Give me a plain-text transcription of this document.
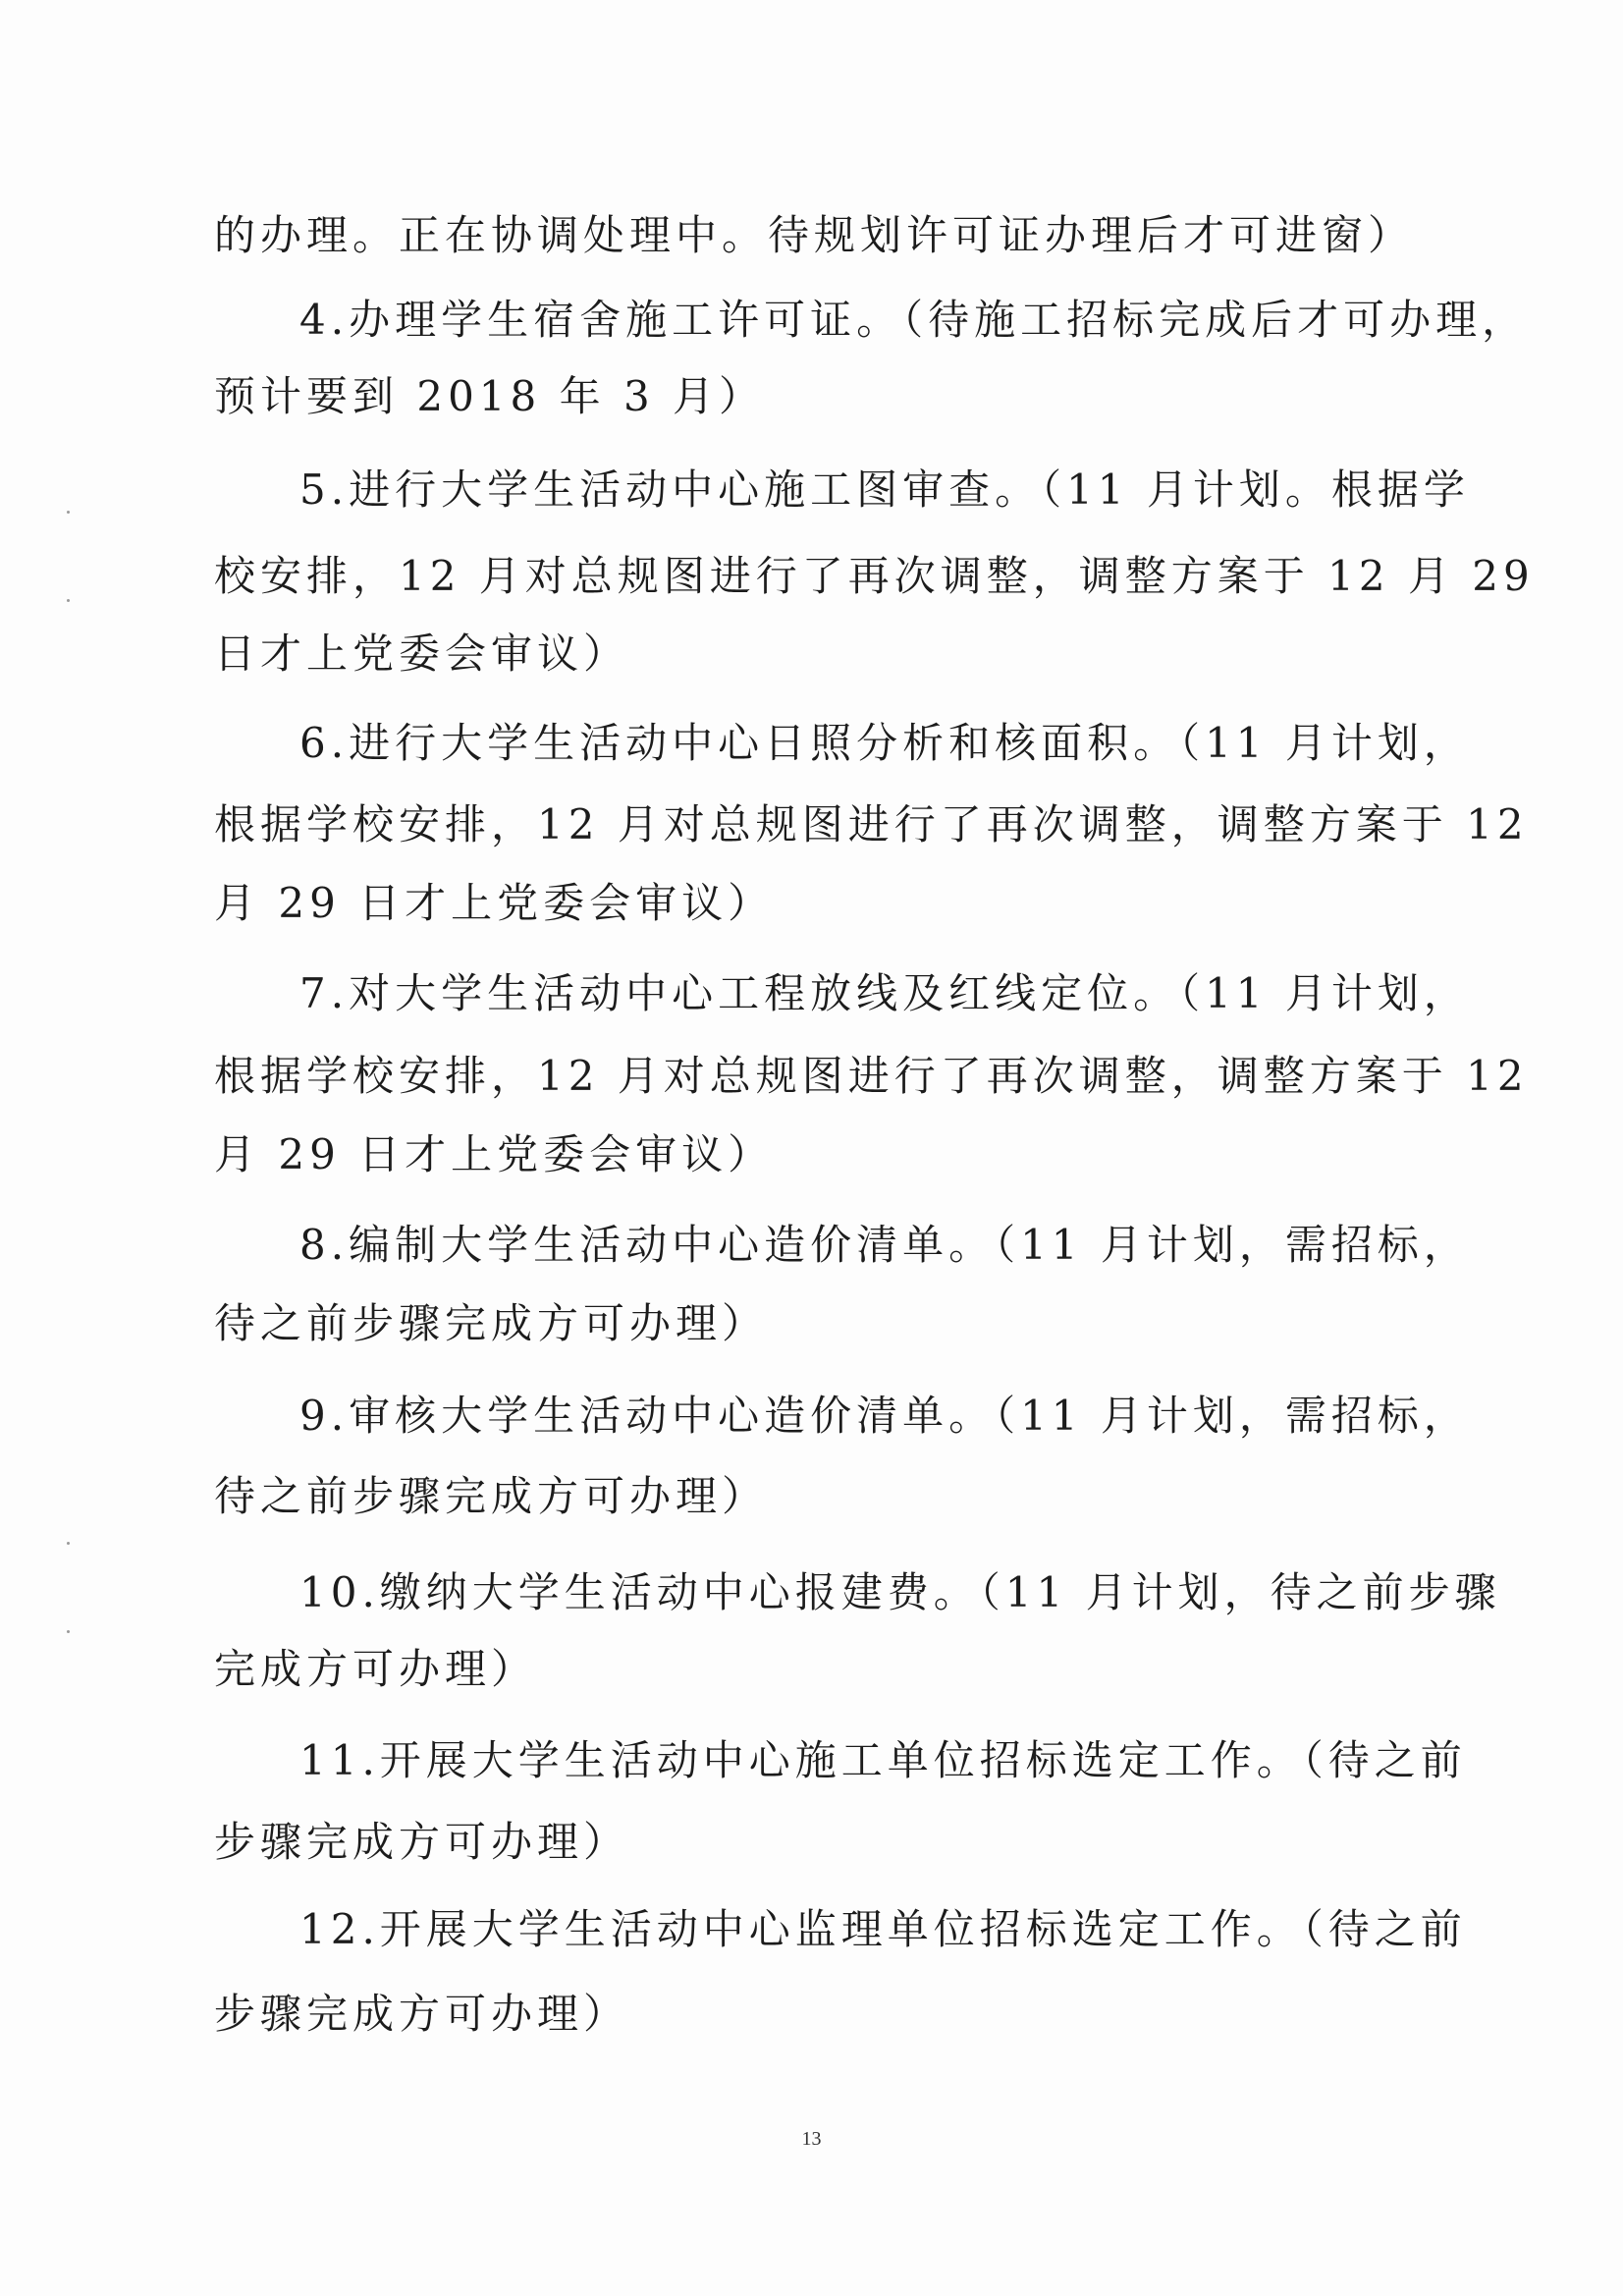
的办理。正在协调处理中。待规划许可证办理后才可进窗）
4.办理学生宿舍施工许可证。（待施工招标完成后才可办理，
预计要到 2018 年 3 月）
5.进行大学生活动中心施工图审查。（11 月计划。根据学
校安排，12 月对总规图进行了再次调整，调整方案于 12 月 29
日才上党委会审议）
6.进行大学生活动中心日照分析和核面积。（11 月计划，
根据学校安排，12 月对总规图进行了再次调整，调整方案于 12
月 29 日才上党委会审议）
7.对大学生活动中心工程放线及红线定位。（11 月计划，
根据学校安排，12 月对总规图进行了再次调整，调整方案于 12
月 29 日才上党委会审议）
8.编制大学生活动中心造价清单。（11 月计划，需招标，
待之前步骤完成方可办理）
9.审核大学生活动中心造价清单。（11 月计划，需招标，
待之前步骤完成方可办理）
10.缴纳大学生活动中心报建费。（11 月计划，待之前步骤
完成方可办理）
11.开展大学生活动中心施工单位招标选定工作。（待之前
步骤完成方可办理）
12.开展大学生活动中心监理单位招标选定工作。（待之前
步骤完成方可办理）
13
